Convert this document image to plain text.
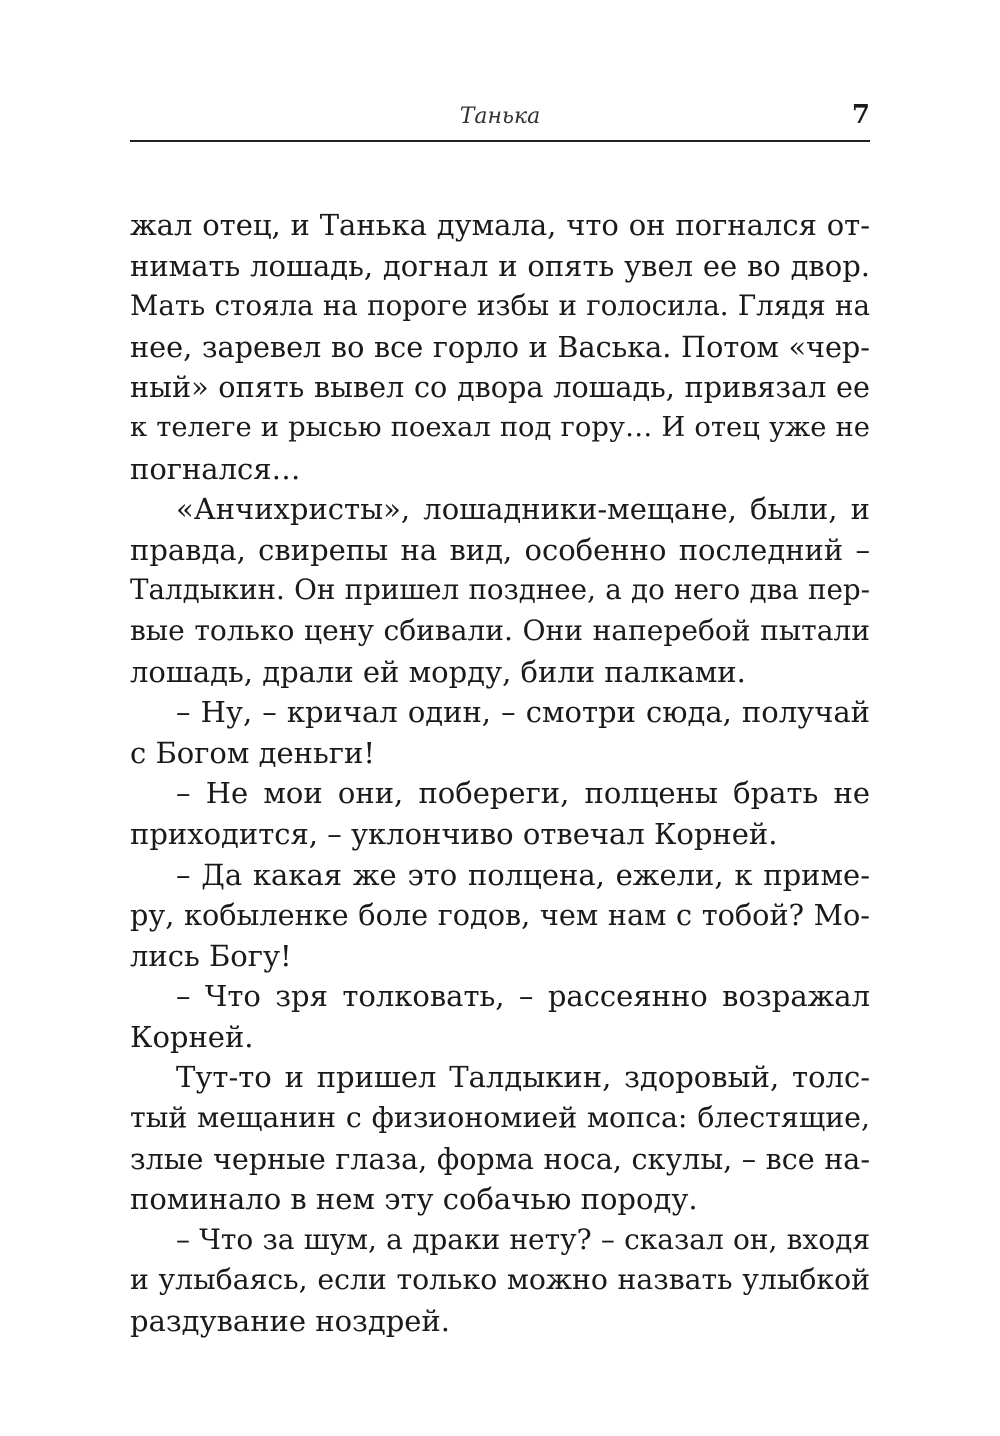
Танька	7
жал отец, и Танька думала, что он погнался от-
нимать лошадь, догнал и опять увел ее во двор.
Мать стояла на пороге избы и голосила. Глядя на
нее, заревел во все горло и Васька. Потом «чер-
ный» опять вывел со двора лошадь, привязал ее
к телеге и рысью поехал под гору… И отец уже не
погнался…
«Анчихристы», лошадники-мещане, были, и
правда, свирепы на вид, особенно последний –
Талдыкин. Он пришел позднее, а до него два пер-
вые только цену сбивали. Они наперебой пытали
лошадь, драли ей морду, били палками.
– Ну, – кричал один, – смотри сюда, получай
с Богом деньги!
– Не мои они, побереги, полцены брать не
приходится, – уклончиво отвечал Корней.
– Да какая же это полцена, ежели, к приме-
ру, кобыленке боле годов, чем нам с тобой? Мо-
лись Богу!
– Что зря толковать, – рассеянно возражал
Корней.
Тут-то и пришел Талдыкин, здоровый, толс-
тый мещанин с физиономией мопса: блестящие,
злые черные глаза, форма носа, скулы, – все на-
поминало в нем эту собачью породу.
– Что за шум, а драки нету? – сказал он, входя
и улыбаясь, если только можно назвать улыбкой
раздувание ноздрей.
